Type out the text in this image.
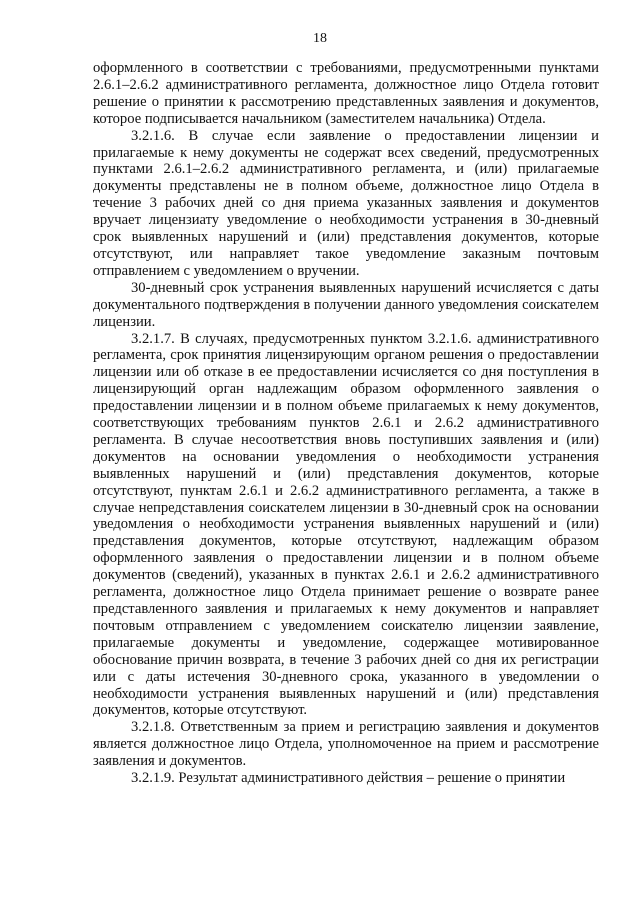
18

оформленного в соответствии с требованиями, предусмотренными пунктами 2.6.1–2.6.2 административного регламента, должностное лицо Отдела готовит решение о принятии к рассмотрению представленных заявления и документов, которое подписывается начальником (заместителем начальника) Отдела.

3.2.1.6. В случае если заявление о предоставлении лицензии и прилагаемые к нему документы не содержат всех сведений, предусмотренных пунктами 2.6.1–2.6.2 административного регламента, и (или) прилагаемые документы представлены не в полном объеме, должностное лицо Отдела в течение 3 рабочих дней со дня приема указанных заявления и документов вручает лицензиату уведомление о необходимости устранения в 30-дневный срок выявленных нарушений и (или) представления документов, которые отсутствуют, или направляет такое уведомление заказным почтовым отправлением с уведомлением о вручении.

30-дневный срок устранения выявленных нарушений исчисляется с даты документального подтверждения в получении данного уведомления соискателем лицензии.

3.2.1.7. В случаях, предусмотренных пунктом 3.2.1.6. административного регламента, срок принятия лицензирующим органом решения о предоставлении лицензии или об отказе в ее предоставлении исчисляется со дня поступления в лицензирующий орган надлежащим образом оформленного заявления о предоставлении лицензии и в полном объеме прилагаемых к нему документов, соответствующих требованиям пунктов 2.6.1 и 2.6.2 административного регламента. В случае несоответствия вновь поступивших заявления и (или) документов на основании уведомления о необходимости устранения выявленных нарушений и (или) представления документов, которые отсутствуют, пунктам 2.6.1 и 2.6.2 административного регламента, а также в случае непредставления соискателем лицензии в 30-дневный срок на основании уведомления о необходимости устранения выявленных нарушений и (или) представления документов, которые отсутствуют, надлежащим образом оформленного заявления о предоставлении лицензии и в полном объеме документов (сведений), указанных в пунктах 2.6.1 и 2.6.2 административного регламента, должностное лицо Отдела принимает решение о возврате ранее представленного заявления и прилагаемых к нему документов и направляет почтовым отправлением с уведомлением соискателю лицензии заявление, прилагаемые документы и уведомление, содержащее мотивированное обоснование причин возврата, в течение 3 рабочих дней со дня их регистрации или с даты истечения 30-дневного срока, указанного в уведомлении о необходимости устранения выявленных нарушений и (или) представления документов, которые отсутствуют.

3.2.1.8. Ответственным за прием и регистрацию заявления и документов является должностное лицо Отдела, уполномоченное на прием и рассмотрение заявления и документов.

3.2.1.9. Результат административного действия – решение о принятии
